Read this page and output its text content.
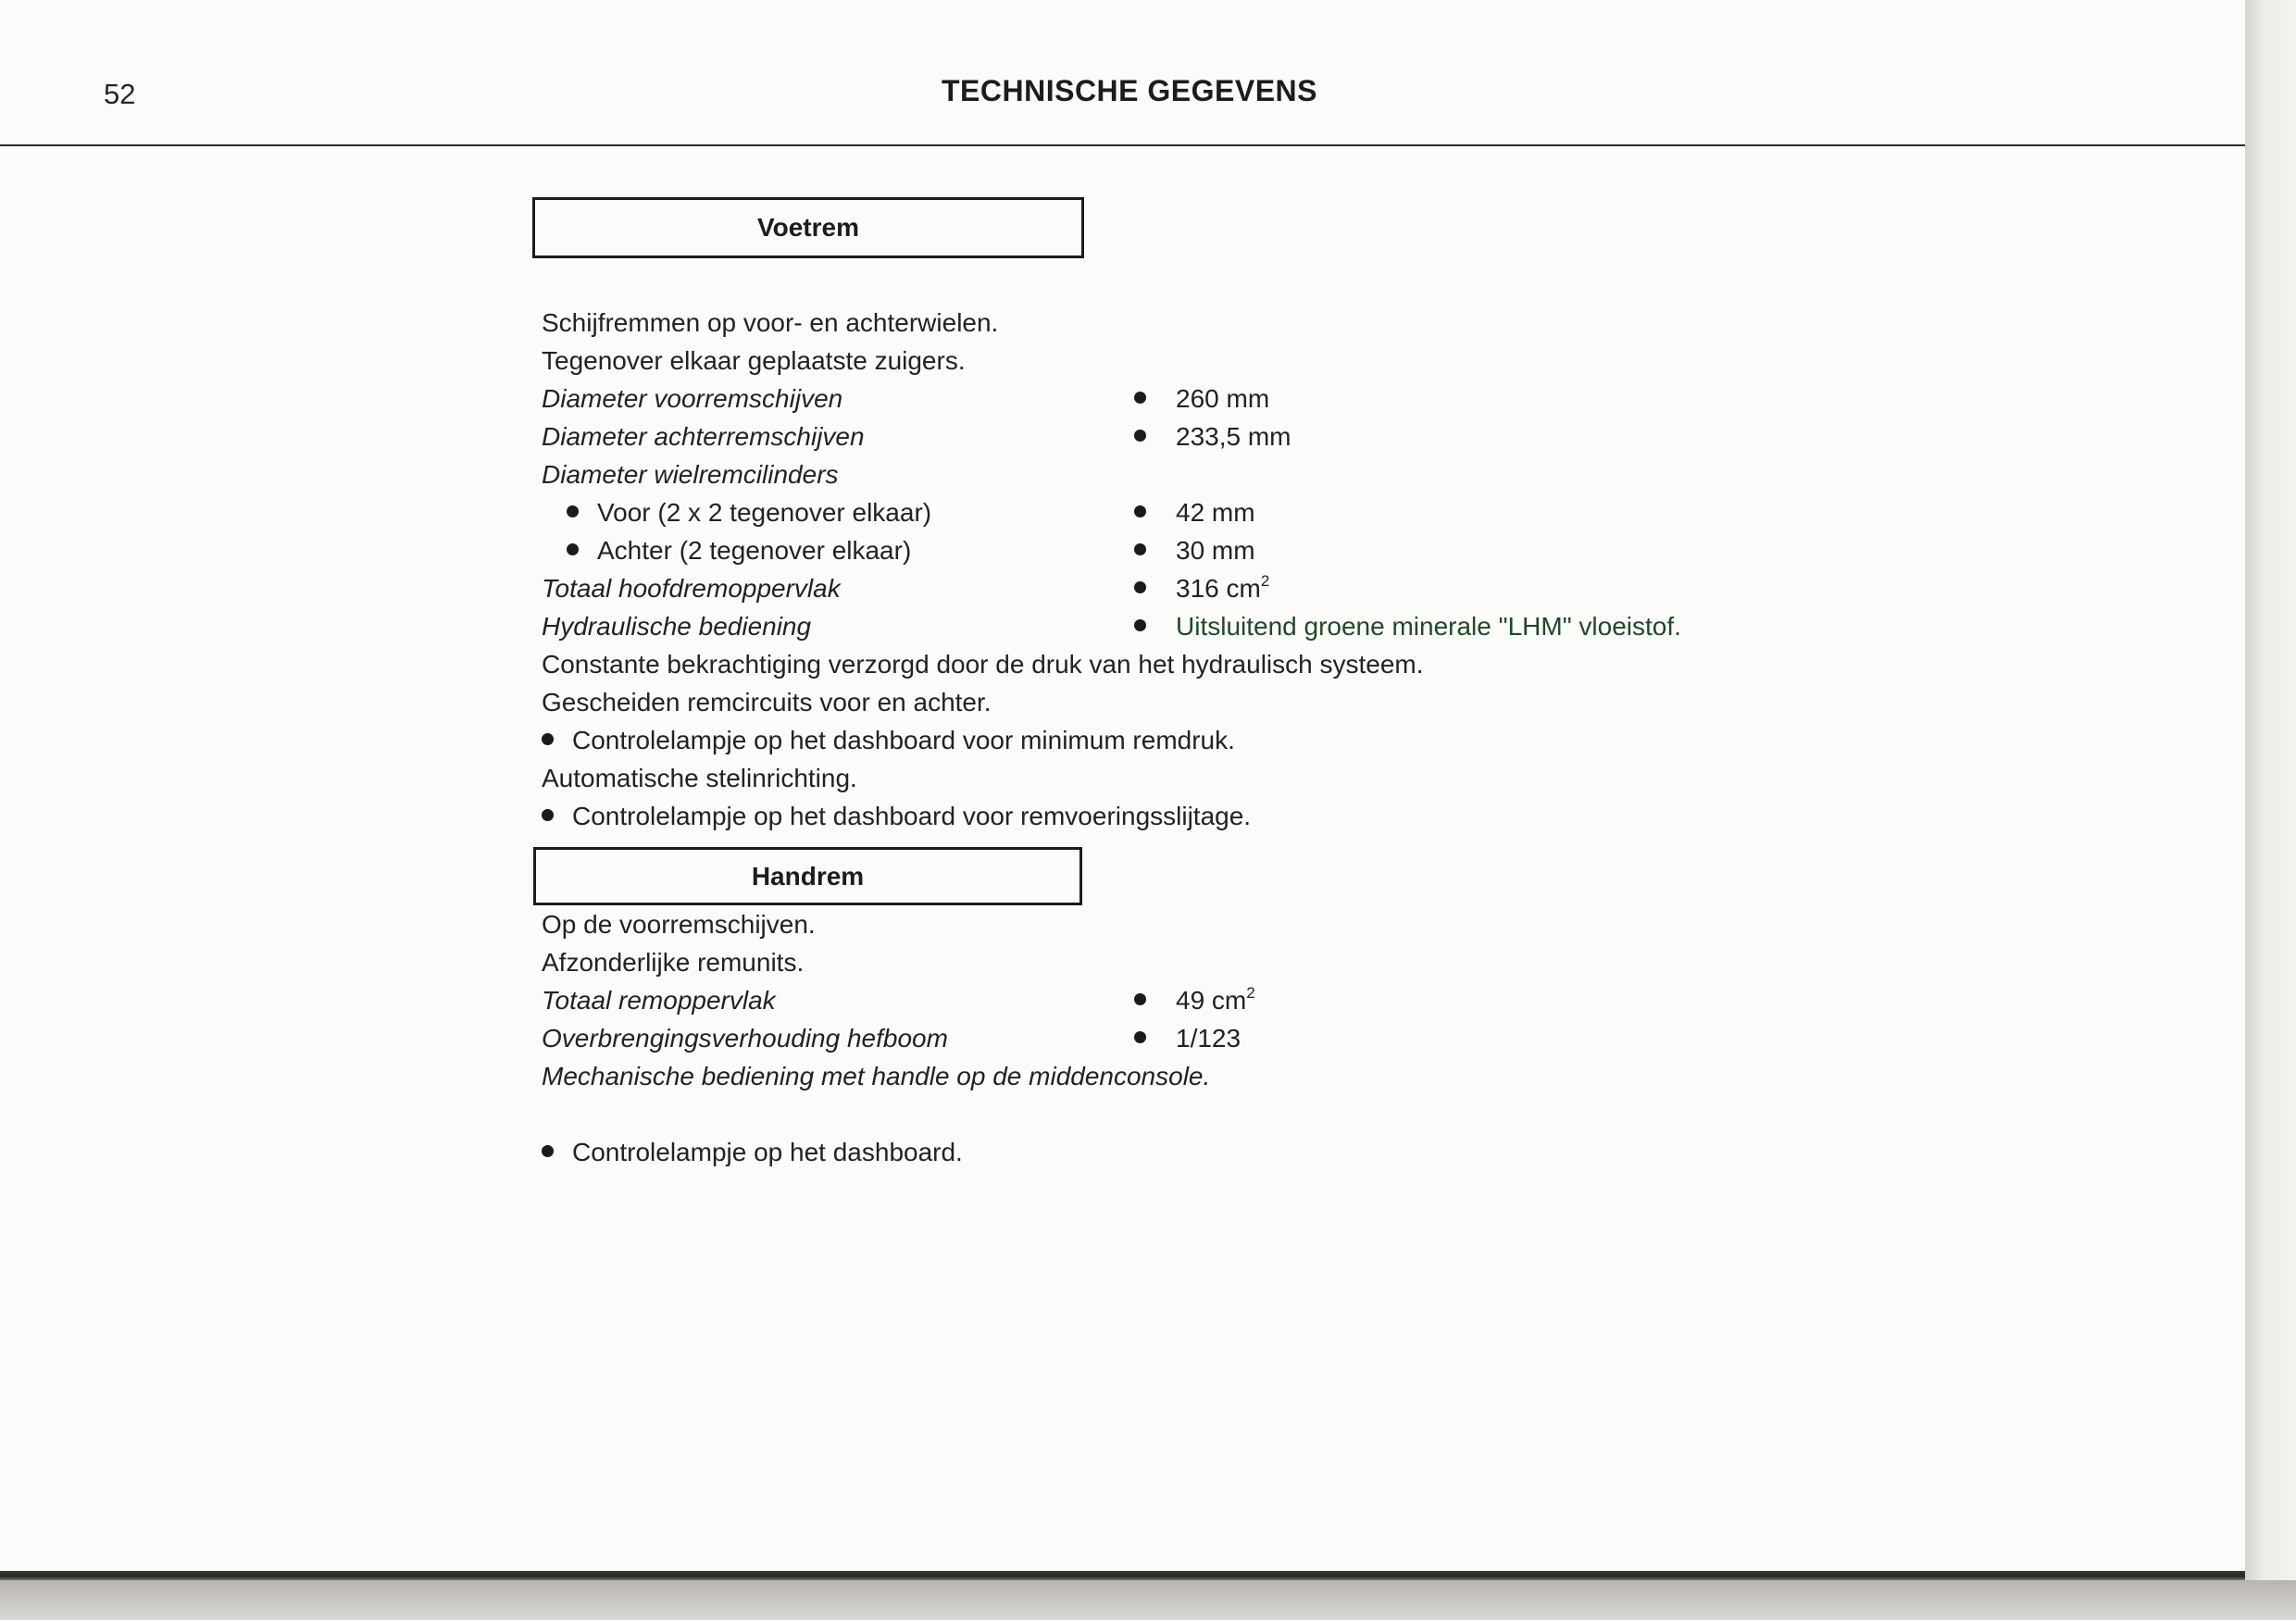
52	TECHNISCHE GEGEVENS
Voetrem
Schijfremmen op voor- en achterwielen.
Tegenover elkaar geplaatste zuigers.
Diameter voorremschijven	260 mm
Diameter achterremschijven	233,5 mm
Diameter wielremcilinders
Voor (2 x 2 tegenover elkaar)	42 mm
Achter (2 tegenover elkaar)	30 mm
Totaal hoofdremoppervlak	316 $cm^2$
Hydraulische bediening	Uitsluitend groene minerale "LHM" vloeistof.
Constante bekrachtiging verzorgd door de druk van het hydraulisch systeem.
Gescheiden remcircuits voor en achter.
Controlelampje op het dashboard voor minimum remdruk.
Automatische stelinrichting.
Controlelampje op het dashboard voor remvoeringsslijtage.
Handrem
Op de voorremschijven.
Afzonderlijke remunits.
Totaal remoppervlak	49 $cm^2$
Overbrengingsverhouding hefboom	1/123
Mechanische bediening met handle op de middenconsole.
Controlelampje op het dashboard.
